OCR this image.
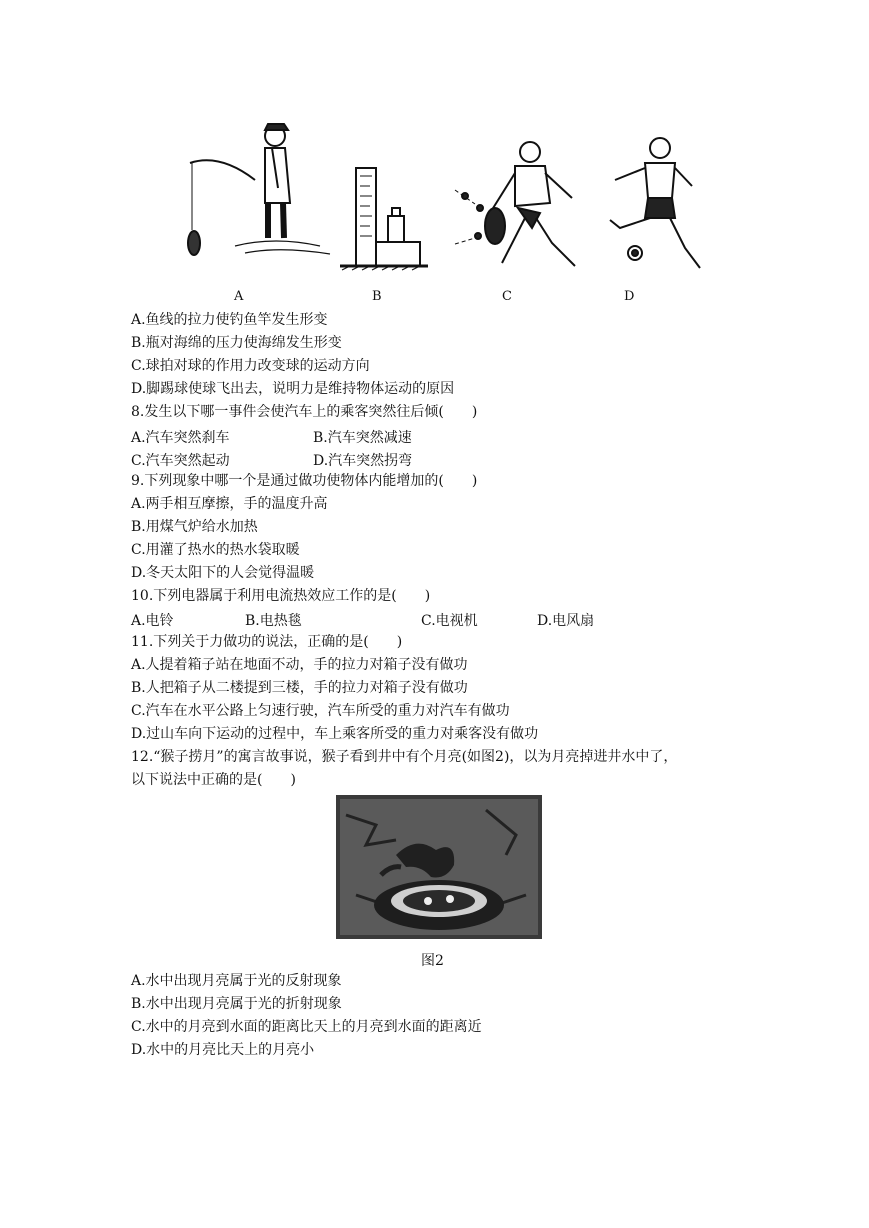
A	B	C	D
A.鱼线的拉力使钓鱼竿发生形变
B.瓶对海绵的压力使海绵发生形变
C.球拍对球的作用力改变球的运动方向
D.脚踢球使球飞出去，说明力是维持物体运动的原因
8.发生以下哪一事件会使汽车上的乘客突然往后倾(　　)
A.汽车突然刹车	B.汽车突然减速
C.汽车突然起动	D.汽车突然拐弯
9.下列现象中哪一个是通过做功使物体内能增加的(　　)
A.两手相互摩擦，手的温度升高
B.用煤气炉给水加热
C.用灌了热水的热水袋取暖
D.冬天太阳下的人会觉得温暖
10.下列电器属于利用电流热效应工作的是(　　)
A.电铃	B.电热毯	C.电视机	D.电风扇
11.下列关于力做功的说法，正确的是(　　)
A.人提着箱子站在地面不动，手的拉力对箱子没有做功
B.人把箱子从二楼提到三楼，手的拉力对箱子没有做功
C.汽车在水平公路上匀速行驶，汽车所受的重力对汽车有做功
D.过山车向下运动的过程中，车上乘客所受的重力对乘客没有做功
12.“猴子捞月”的寓言故事说，猴子看到井中有个月亮(如图2)，以为月亮掉进井水中了，
以下说法中正确的是(　　)
图2
A.水中出现月亮属于光的反射现象
B.水中出现月亮属于光的折射现象
C.水中的月亮到水面的距离比天上的月亮到水面的距离近
D.水中的月亮比天上的月亮小
